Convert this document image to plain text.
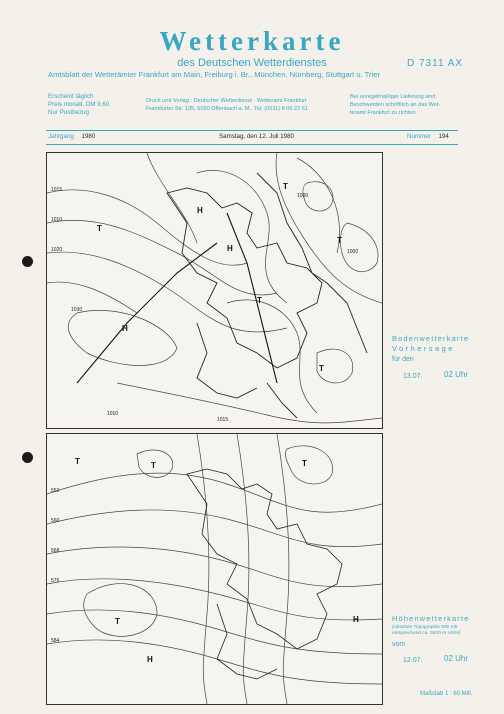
Wetterkarte
des Deutschen Wetterdienstes	D 7311 AX
Amtsblatt der Wetterämter Frankfurt am Main, Freiburg i. Br., München, Nürnberg, Stuttgart u. Trier
Erscheint täglich
Preis monatl. DM 9,60
Nur Postbezug
Druck und Verlag : Deutscher Wetterdienst - Wetteramt Frankfurt
Frankfurter Str. 135, 6050 Offenbach a. M., Tel. (0611) 8 06 22 61
Bei unregelmäßiger Lieferung sind
Beschwerden schriftlich an das Wet-
teramt Frankfurt zu richten
Jahrgang 1980	Samstag, den 12. Juli 1980	Nummer 194
T
H
H
H
T
T
T
T
1015
1010
1020
1030
1010
1015
1000
1000
Bodenwetterkarte
Vorhersage
für den
13.07.	02 Uhr
T	T	T
T
H
H
552
560
568
576
584
Höhenwetterkarte
(Absolute Topographie 500 mb
entsprechend ca. 5500 m Höhe)
vom
12.07.	02 Uhr
Maßstab 1 : 60 Mill.
